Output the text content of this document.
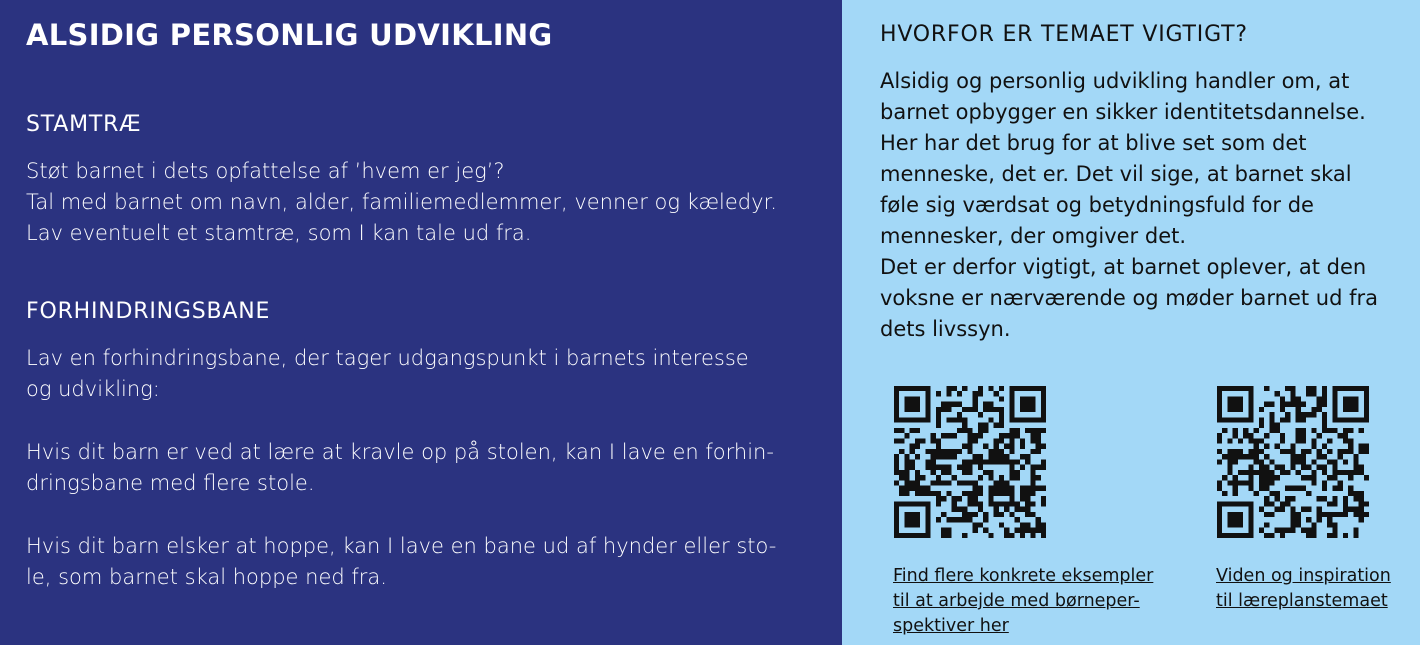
ALSIDIG PERSONLIG UDVIKLING
STAMTRÆ

Støt barnet i dets opfattelse af ’hvem er jeg’?

Tal med barnet om navn, alder, familiemedlemmer, venner og kæledyr.

Lav eventuelt et stamtræ, som I kan tale ud fra.

FORHINDRINGSBANE

Lav en forhindringsbane, der tager udgangspunkt i barnets interesse

og udvikling:

Hvis dit barn er ved at lære at kravle op på stolen, kan I lave en forhin-

dringsbane med flere stole.

Hvis dit barn elsker at hoppe, kan I lave en bane ud af hynder eller sto-

le, som barnet skal hoppe ned fra.

HVORFOR ER TEMAET VIGTIGT?
Alsidig og personlig udvikling handler om, at
barnet opbygger en sikker identitetsdannelse.
Her har det brug for at blive set som det
menneske, det er. Det vil sige, at barnet skal
føle sig værdsat og betydningsfuld for de
mennesker, der omgiver det.
Det er derfor vigtigt, at barnet oplever, at den
voksne er nærværende og møder barnet ud fra
dets livssyn.
Find flere konkrete eksempler
til at arbejde med børneper-
spektiver her
Viden og inspiration
til læreplanstemaet
